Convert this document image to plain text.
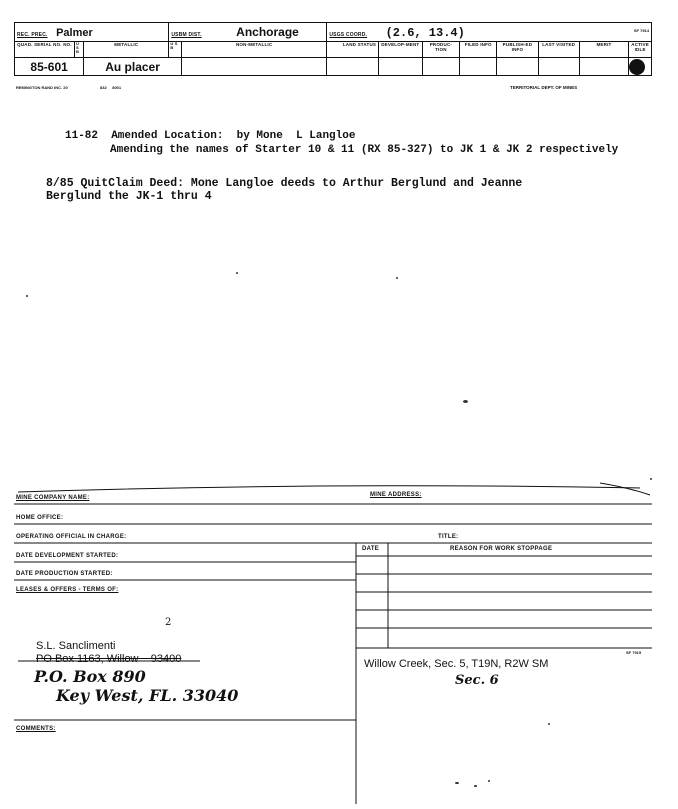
REC. PREC. Palmer			USBM DIST. Anchorage		USGS COORD. (2.6, 13.4) SF 7914							

QUAD. SERIAL NO. NO.	U S B	METALLIC	U S B	NON-METALLIC	LAND STATUS	DEVELOP-MENT	PRODUC-TION	FILED INFO	PUBLISH-ED INFO	LAST VISITED	MERIT	ACTIVE IDLE
85-601		Au placer										
REMINGTON RAND INC. 20	832     8001	TERRITORIAL DEPT. OF MINES
11-82  Amended Location:  by Mone  L Langloe
Amending the names of Starter 10 & 11 (RX 85-327) to JK 1 & JK 2 respectively
8/85 QuitClaim Deed: Mone Langloe deeds to Arthur Berglund and Jeanne
Berglund the JK-1 thru 4
MINE COMPANY NAME:	MINE ADDRESS:
HOME OFFICE:
OPERATING OFFICIAL IN CHARGE:	TITLE:
DATE	REASON FOR WORK STOPPAGE
DATE DEVELOPMENT STARTED:
DATE PRODUCTION STARTED:
LEASES & OFFERS - TERMS OF:
2
S.L. Sanclimenti
PO Box 1163, Willow    93400
P.O. Box 890
Key West, FL. 33040
SF 7915
Willow Creek, Sec. 5, T19N, R2W SM
Sec. 6
COMMENTS:
